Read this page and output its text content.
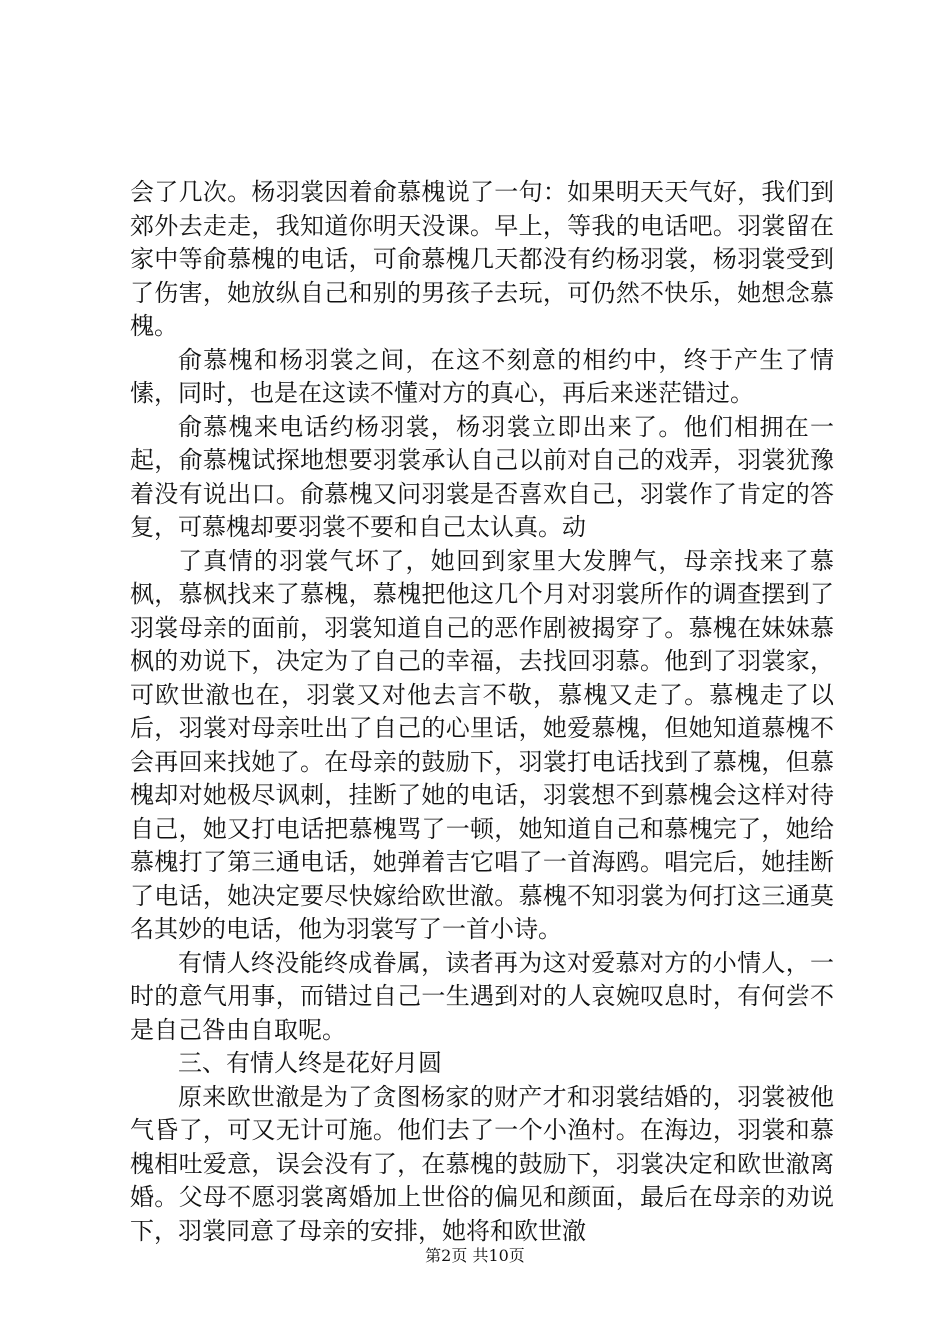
会了几次。杨羽裳因着俞慕槐说了一句：如果明天天气好，我们到郊外去走走，我知道你明天没课。早上，等我的电话吧。羽裳留在家中等俞慕槐的电话，可俞慕槐几天都没有约杨羽裳，杨羽裳受到了伤害，她放纵自己和别的男孩子去玩，可仍然不快乐，她想念慕槐。

俞慕槐和杨羽裳之间，在这不刻意的相约中，终于产生了情愫，同时，也是在这读不懂对方的真心，再后来迷茫错过。

俞慕槐来电话约杨羽裳，杨羽裳立即出来了。他们相拥在一起，俞慕槐试探地想要羽裳承认自己以前对自己的戏弄，羽裳犹豫着没有说出口。俞慕槐又问羽裳是否喜欢自己，羽裳作了肯定的答复，可慕槐却要羽裳不要和自己太认真。动

了真情的羽裳气坏了，她回到家里大发脾气，母亲找来了慕枫，慕枫找来了慕槐，慕槐把他这几个月对羽裳所作的调查摆到了羽裳母亲的面前，羽裳知道自己的恶作剧被揭穿了。慕槐在妹妹慕枫的劝说下，决定为了自己的幸福，去找回羽慕。他到了羽裳家，可欧世澈也在，羽裳又对他去言不敬，慕槐又走了。慕槐走了以后，羽裳对母亲吐出了自己的心里话，她爱慕槐，但她知道慕槐不会再回来找她了。在母亲的鼓励下，羽裳打电话找到了慕槐，但慕槐却对她极尽讽刺，挂断了她的电话，羽裳想不到慕槐会这样对待自己，她又打电话把慕槐骂了一顿，她知道自己和慕槐完了，她给慕槐打了第三通电话，她弹着吉它唱了一首海鸥。唱完后，她挂断了电话，她决定要尽快嫁给欧世澈。慕槐不知羽裳为何打这三通莫名其妙的电话，他为羽裳写了一首小诗。

有情人终没能终成眷属，读者再为这对爱慕对方的小情人，一时的意气用事，而错过自己一生遇到对的人哀婉叹息时，有何尝不是自己咎由自取呢。

三、有情人终是花好月圆

原来欧世澈是为了贪图杨家的财产才和羽裳结婚的，羽裳被他气昏了，可又无计可施。他们去了一个小渔村。在海边，羽裳和慕槐相吐爱意，误会没有了，在慕槐的鼓励下，羽裳决定和欧世澈离婚。父母不愿羽裳离婚加上世俗的偏见和颜面，最后在母亲的劝说下，羽裳同意了母亲的安排，她将和欧世澈

第2页 共10页
